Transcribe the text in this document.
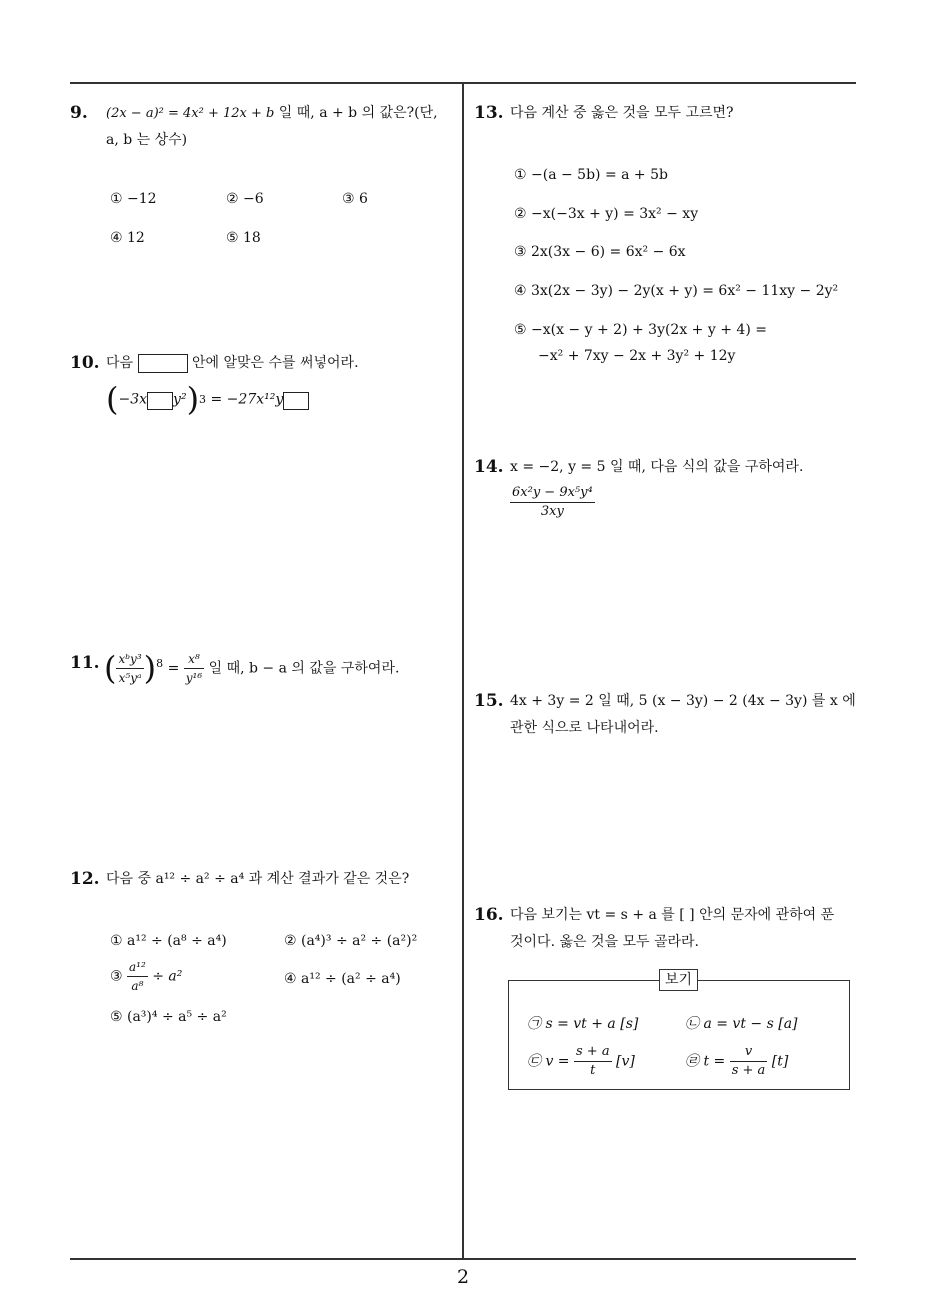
9. (2x − a)² = 4x² + 12x + b 일 때, a + b 의 값은?(단,
a, b 는 상수)
① −12	② −6	③ 6
④ 12	⑤ 18
10. 다음	안에 알맞은 수를 써넣어라.
(−3x y²)$^3$ = −27x¹²y
11. ( $\frac{\text{xᵇy³}}{\text{x⁵yᵃ}} )^8 = \frac{\text{x⁸}}{\text{y¹⁶}}$ 일 때, b − a 의 값을 구하여라.
12. 다음 중 a¹² ÷ a² ÷ a⁴ 과 계산 결과가 같은 것은?
① a¹² ÷ (a⁸ ÷ a⁴)	② (a⁴)³ ÷ a² ÷ (a²)²
③ $\frac{\text{a¹²}}{\text{a⁸}} \div a^2$	④ a¹² ÷ (a² ÷ a⁴)
⑤ (a³)⁴ ÷ a⁵ ÷ a²
13. 다음 계산 중 옳은 것을 모두 고르면?
① −(a − 5b) = a + 5b
② −x(−3x + y) = 3x² − xy
③ 2x(3x − 6) = 6x² − 6x
④ 3x(2x − 3y) − 2y(x + y) = 6x² − 11xy − 2y²
⑤ −x(x − y + 2) + 3y(2x + y + 4) =
−x² + 7xy − 2x + 3y² + 12y
14. x = −2, y = 5 일 때, 다음 식의 값을 구하여라.
$\frac{\text{6x²y − 9x⁵y⁴}}{3xy}$
15. 4x + 3y = 2 일 때, 5 (x − 3y) − 2 (4x − 3y) 를 x 에
관한 식으로 나타내어라.
16. 다음 보기는 vt = s + a 를 [ ] 안의 문자에 관하여 푼
것이다. 옳은 것을 모두 골라라.
보기
㉠ s = vt + a [s]	㉡ a = vt − s [a]
㉢ $v = \frac{s + a}{t} [v]$	㉣ $t = \frac{v}{s + a} [t]$
2
